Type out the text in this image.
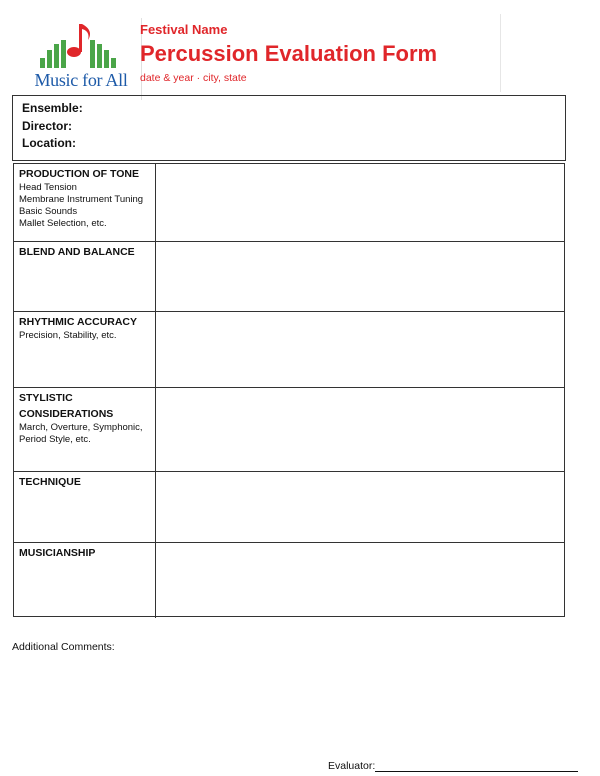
Music for All
Festival Name
Percussion Evaluation Form
date & year · city, state
Ensemble:
Director:
Location:
PRODUCTION OF TONE
Head Tension
Membrane Instrument Tuning
Basic Sounds
Mallet Selection, etc.
BLEND AND BALANCE
RHYTHMIC ACCURACY
Precision, Stability, etc.
STYLISTIC CONSIDERATIONS
March, Overture, Symphonic,
Period Style, etc.
TECHNIQUE
MUSICIANSHIP
Additional Comments:
Evaluator:
